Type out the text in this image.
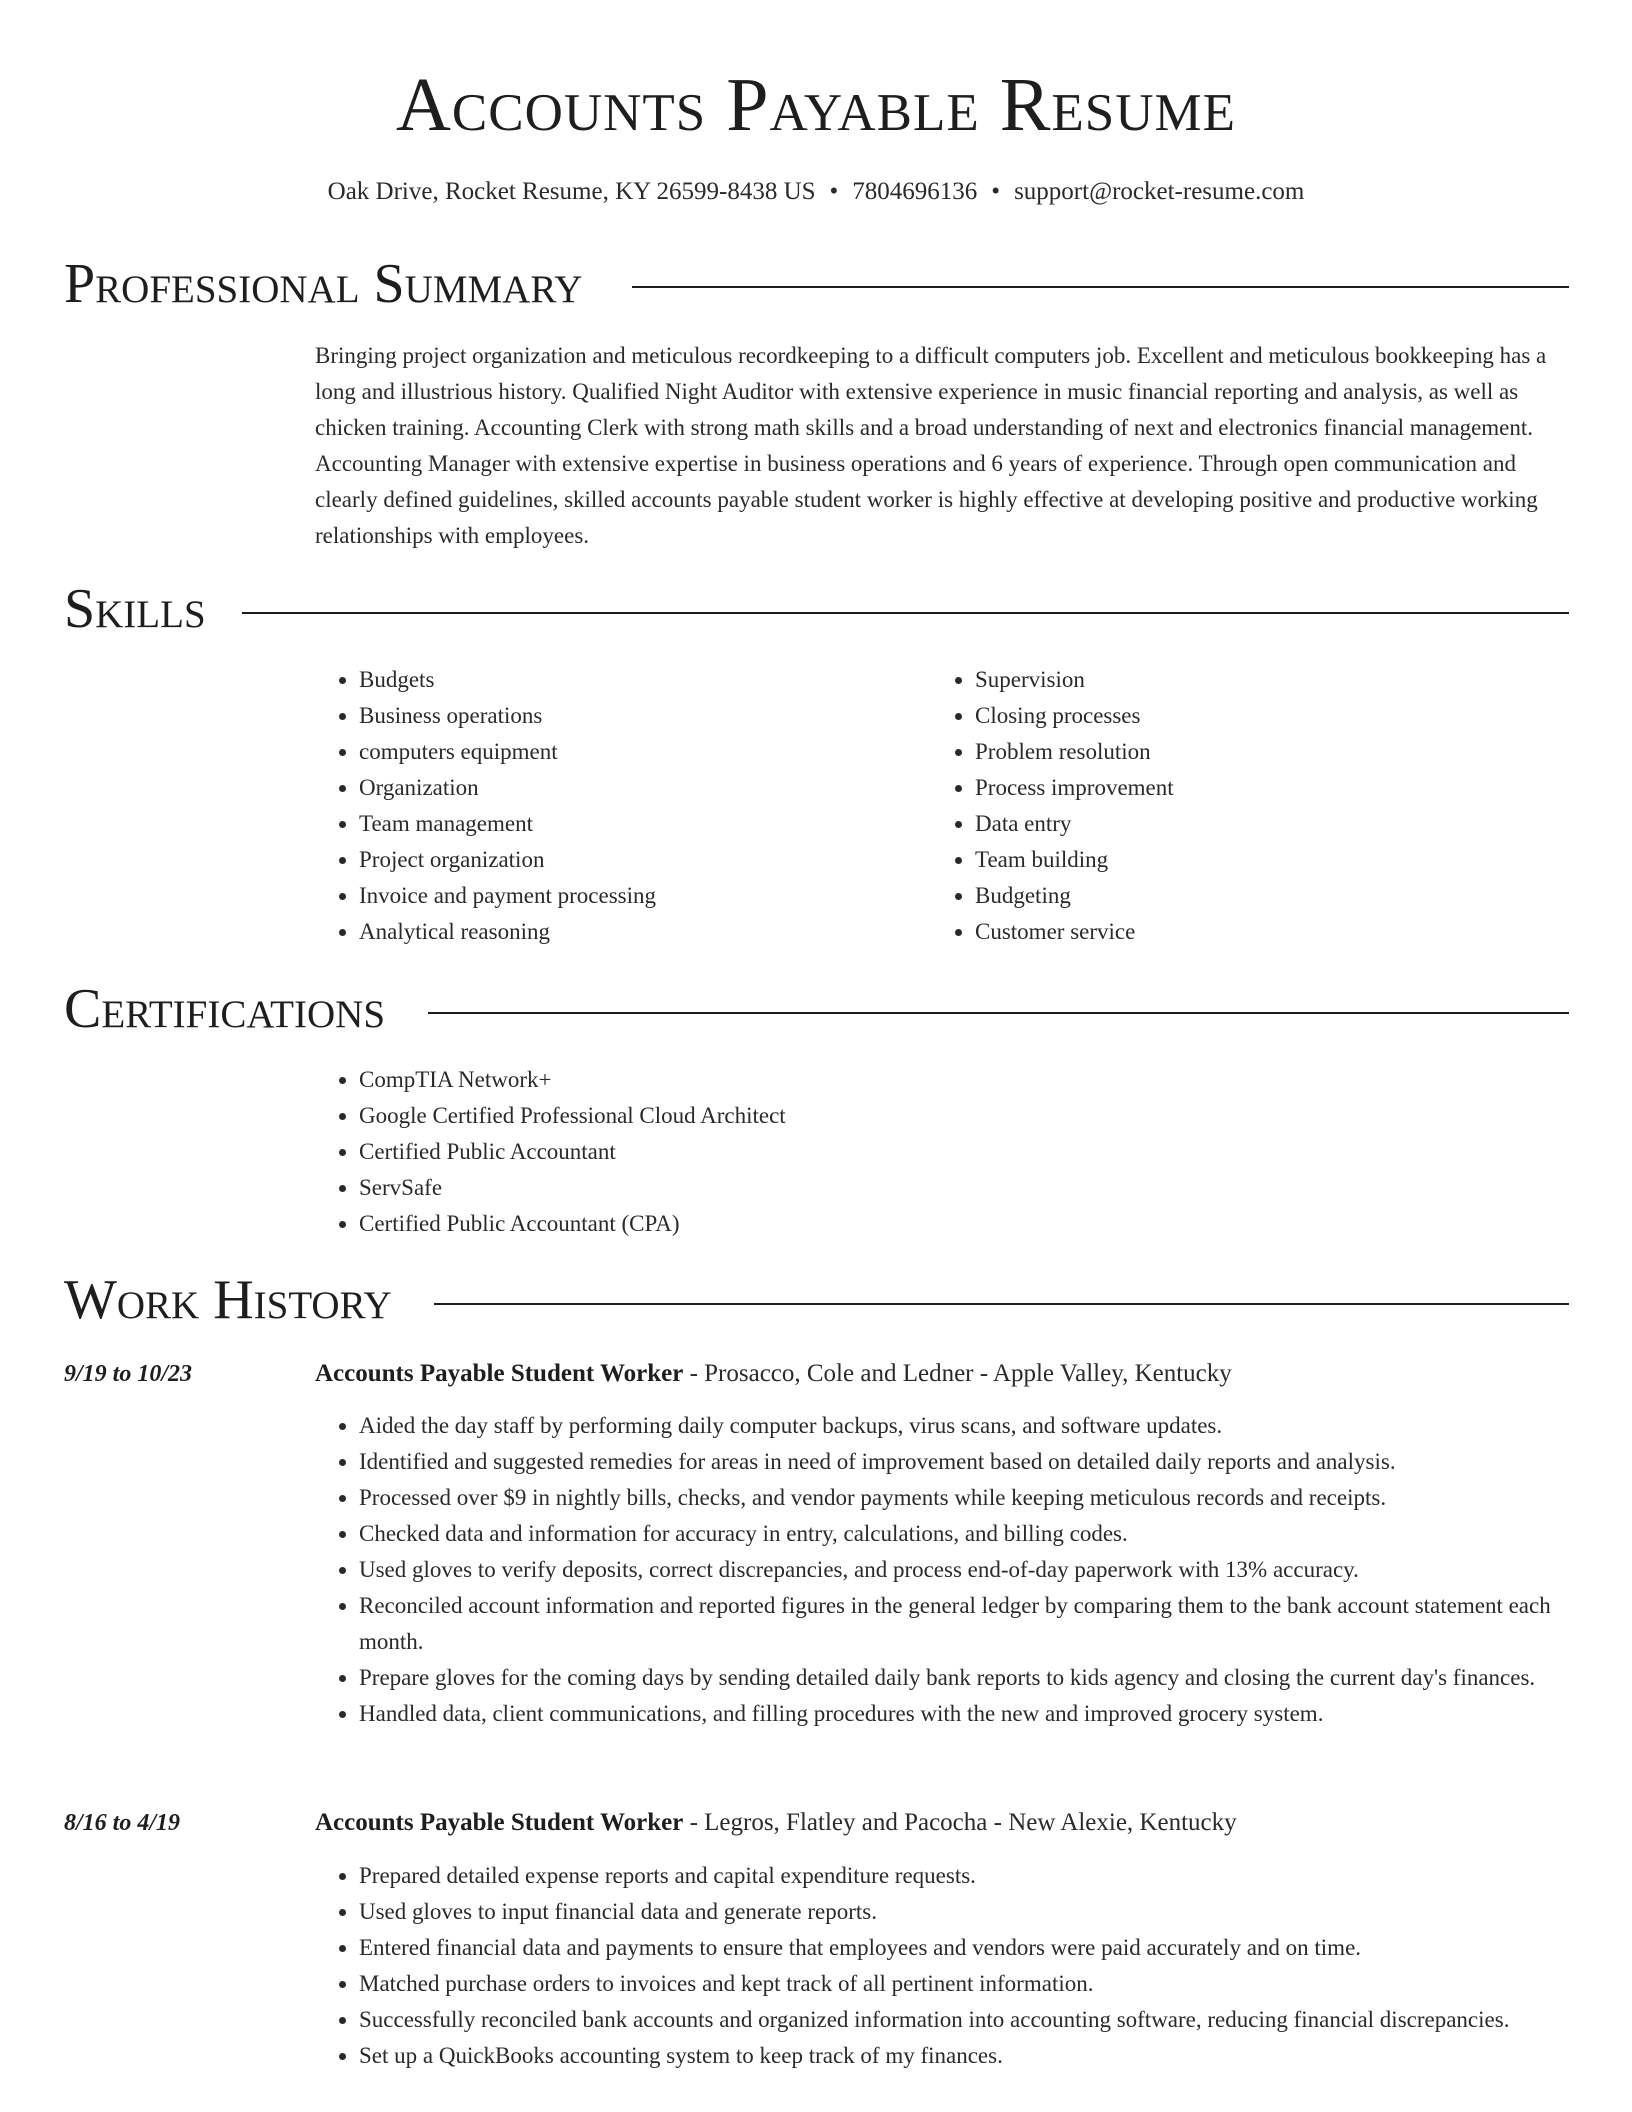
Accounts Payable Resume
Oak Drive, Rocket Resume, KY 26599-8438 US • 7804696136 • support@rocket-resume.com
Professional Summary
Bringing project organization and meticulous recordkeeping to a difficult computers job. Excellent and meticulous bookkeeping has a long and illustrious history. Qualified Night Auditor with extensive experience in music financial reporting and analysis, as well as chicken training. Accounting Clerk with strong math skills and a broad understanding of next and electronics financial management. Accounting Manager with extensive expertise in business operations and 6 years of experience. Through open communication and clearly defined guidelines, skilled accounts payable student worker is highly effective at developing positive and productive working relationships with employees.
Skills
• Budgets
• Business operations
• computers equipment
• Organization
• Team management
• Project organization
• Invoice and payment processing
• Analytical reasoning
• Supervision
• Closing processes
• Problem resolution
• Process improvement
• Data entry
• Team building
• Budgeting
• Customer service
Certifications
• CompTIA Network+
• Google Certified Professional Cloud Architect
• Certified Public Accountant
• ServSafe
• Certified Public Accountant (CPA)
Work History
9/19 to 10/23	Accounts Payable Student Worker - Prosacco, Cole and Ledner - Apple Valley, Kentucky
• Aided the day staff by performing daily computer backups, virus scans, and software updates.
• Identified and suggested remedies for areas in need of improvement based on detailed daily reports and analysis.
• Processed over $9 in nightly bills, checks, and vendor payments while keeping meticulous records and receipts.
• Checked data and information for accuracy in entry, calculations, and billing codes.
• Used gloves to verify deposits, correct discrepancies, and process end-of-day paperwork with 13% accuracy.
• Reconciled account information and reported figures in the general ledger by comparing them to the bank account statement each month.
• Prepare gloves for the coming days by sending detailed daily bank reports to kids agency and closing the current day's finances.
• Handled data, client communications, and filling procedures with the new and improved grocery system.
8/16 to 4/19	Accounts Payable Student Worker - Legros, Flatley and Pacocha - New Alexie, Kentucky
• Prepared detailed expense reports and capital expenditure requests.
• Used gloves to input financial data and generate reports.
• Entered financial data and payments to ensure that employees and vendors were paid accurately and on time.
• Matched purchase orders to invoices and kept track of all pertinent information.
• Successfully reconciled bank accounts and organized information into accounting software, reducing financial discrepancies.
• Set up a QuickBooks accounting system to keep track of my finances.
